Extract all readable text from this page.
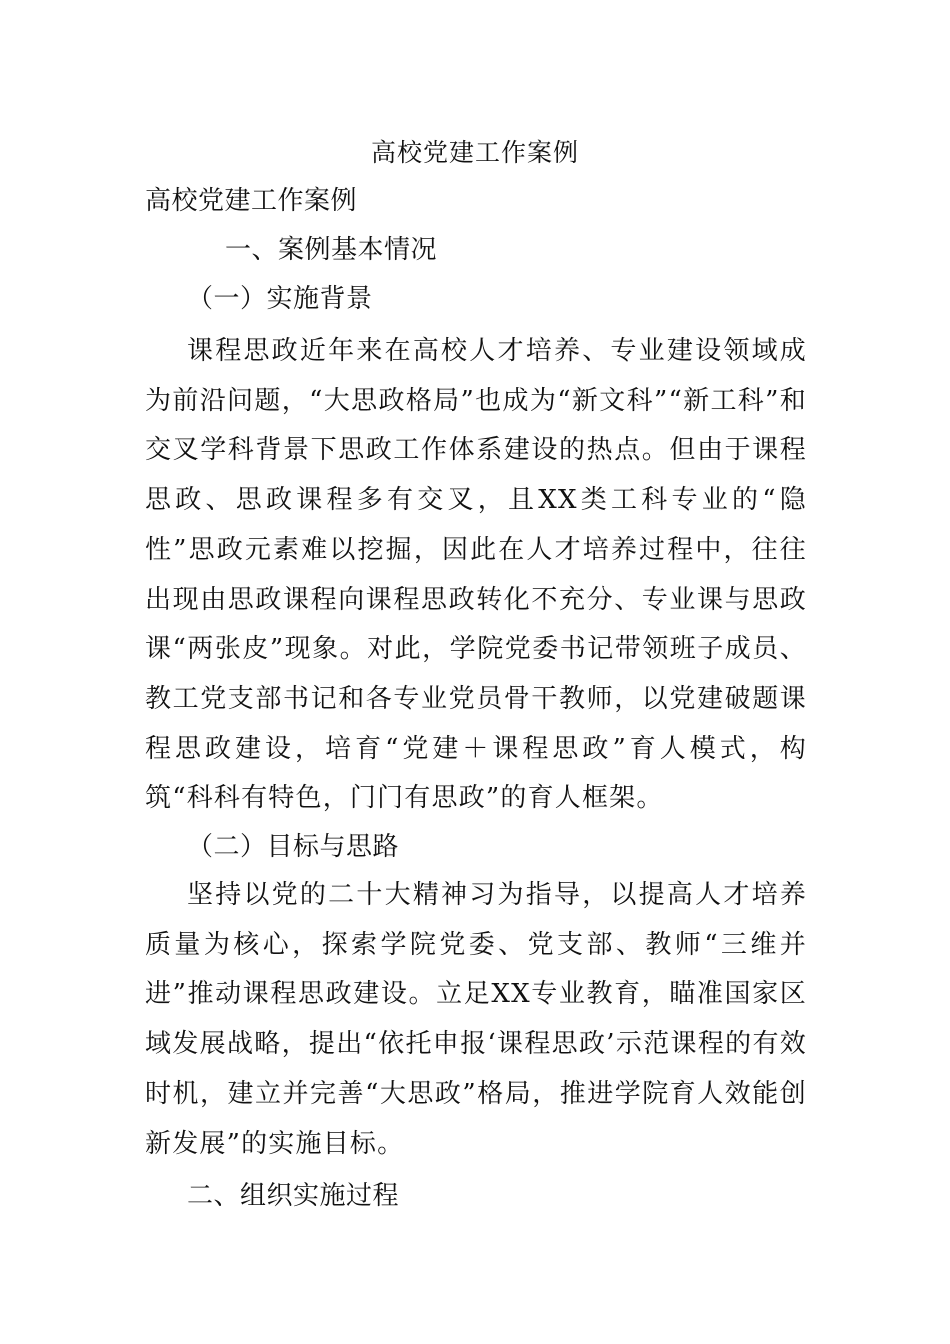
高校党建工作案例
高校党建工作案例
一、案例基本情况
（一）实施背景

课程思政近年来在高校人才培养、专业建设领域成为前沿问题，“大思政格局”也成为“新文科”“新工科”和交叉学科背景下思政工作体系建设的热点。但由于课程思政、思政课程多有交叉，且XX类工科专业的“隐性”思政元素难以挖掘，因此在人才培养过程中，往往出现由思政课程向课程思政转化不充分、专业课与思政课“两张皮”现象。对此，学院党委书记带领班子成员、教工党支部书记和各专业党员骨干教师，以党建破题课程思政建设，培育“党建＋课程思政”育人模式，构筑“科科有特色，门门有思政”的育人框架。

（二）目标与思路

坚持以党的二十大精神习为指导，以提高人才培养质量为核心，探索学院党委、党支部、教师“三维并进”推动课程思政建设。立足XX专业教育，瞄准国家区域发展战略，提出“依托申报‘课程思政’示范课程的有效时机，建立并完善“大思政”格局，推进学院育人效能创新发展”的实施目标。

二、组织实施过程
